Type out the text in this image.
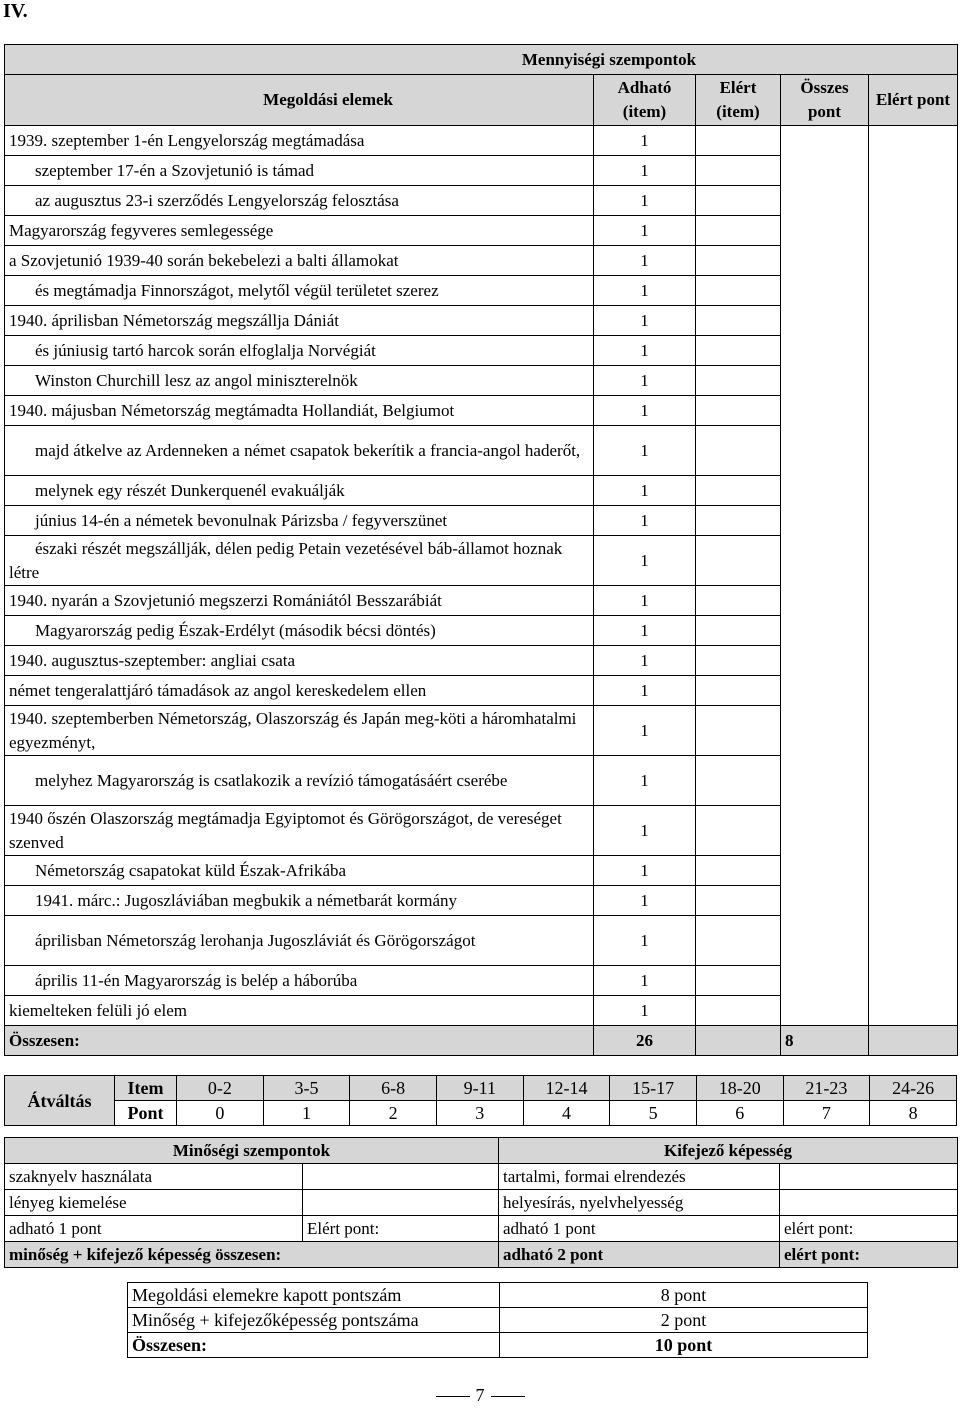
IV.
Mennyiségi szempontok				
Megoldási elemek	Adható (item)	Elért (item)	Összes pont	Elért pont
1939. szeptember 1-én Lengyelország megtámadása	1			
szeptember 17-én a Szovjetunió is támad	1			
az augusztus 23-i szerződés Lengyelország felosztása	1			
Magyarország fegyveres semlegessége	1			
a Szovjetunió 1939-40 során bekebelezi a balti államokat	1			
és megtámadja Finnországot, melytől végül területet szerez	1			
1940. áprilisban Németország megszállja Dániát	1			
és júniusig tartó harcok során elfoglalja Norvégiát	1			
Winston Churchill lesz az angol miniszterelnök	1			
1940. májusban Németország megtámadta Hollandiát, Belgiumot	1			
majd átkelve az Ardenneken a német csapatok bekerítik a francia-angol haderőt,	1			
melynek egy részét Dunkerquenél evakuálják	1			
június 14-én a németek bevonulnak Párizsba / fegyverszünet	1			
északi részét megszállják, délen pedig Petain vezetésével báb-államot hoznak létre	1			
1940. nyarán a Szovjetunió megszerzi Romániától Besszarábiát	1			
Magyarország pedig Észak-Erdélyt (második bécsi döntés)	1			
1940. augusztus-szeptember: angliai csata	1			
német tengeralattjáró támadások az angol kereskedelem ellen	1			
1940. szeptemberben Németország, Olaszország és Japán meg-köti a háromhatalmi egyezményt,	1			
melyhez Magyarország is csatlakozik a revízió támogatásáért cserébe	1			
1940 őszén Olaszország megtámadja Egyiptomot és Görögországot, de vereséget szenved	1			
Németország csapatokat küld Észak-Afrikába	1			
1941. márc.: Jugoszláviában megbukik a németbarát kormány	1			
áprilisban Németország lerohanja Jugoszláviát és Görögországot	1			
április 11-én Magyarország is belép a háborúba	1			
kiemelteken felüli jó elem	1			
Összesen:	26		8	
Átváltás	Item	0-2	3-5	6-8	9-11	12-14	15-17	18-20	21-23	24-26
	Pont	0	1	2	3	4	5	6	7	8
Minőségi szempontok		Kifejező képesség	
szaknyelv használata		tartalmi, formai elrendezés	
lényeg kiemelése		helyesírás, nyelvhelyesség	
adható 1 pont	Elért pont:	adható 1 pont	elért pont:
minőség + kifejező képesség összesen:		adható 2 pont	elért pont:
Megoldási elemekre kapott pontszám	8 pont
Minőség + kifejezőképesség pontszáma	2 pont
Összesen:	10 pont
7
